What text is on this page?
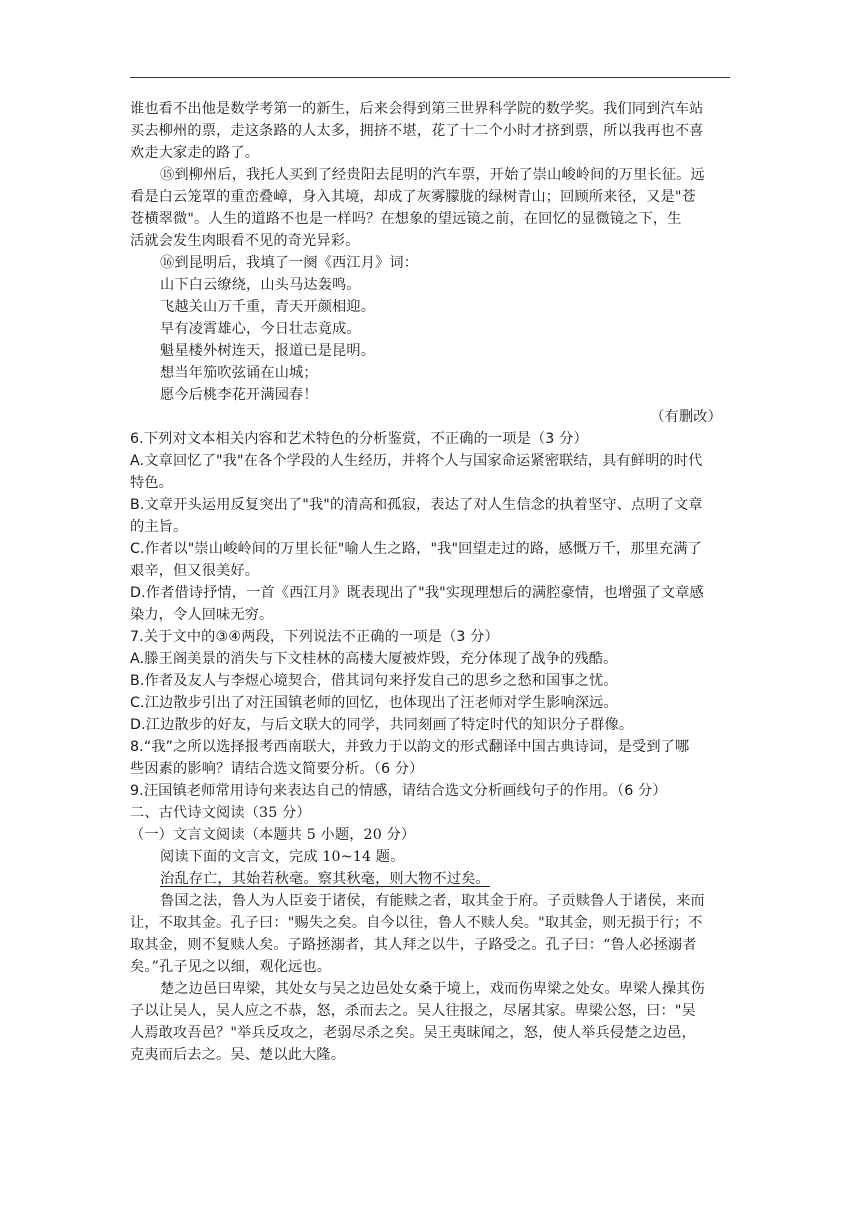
谁也看不出他是数学考第一的新生，后来会得到第三世界科学院的数学奖。我们同到汽车站
买去柳州的票，走这条路的人太多，拥挤不堪，花了十二个小时才挤到票，所以我再也不喜
欢走大家走的路了。
⑮到柳州后，我托人买到了经贵阳去昆明的汽车票，开始了崇山峻岭间的万里长征。远
看是白云笼罩的重峦叠嶂，身入其境，却成了灰雾朦胧的绿树青山；回顾所来径，又是"苍
苍横翠微"。人生的道路不也是一样吗？在想象的望远镜之前，在回忆的显微镜之下，生
活就会发生肉眼看不见的奇光异彩。
⑯到昆明后，我填了一阕《西江月》词：
山下白云缭绕，山头马达轰鸣。
飞越关山万千重，青天开颜相迎。
早有凌霄雄心，今日壮志竟成。
魁星楼外树连天，报道已是昆明。
想当年笳吹弦诵在山城；
愿今后桃李花开满园春！
（有删改）
6.下列对文本相关内容和艺术特色的分析鉴赏，不正确的一项是（3 分）
A.文章回忆了"我"在各个学段的人生经历，并将个人与国家命运紧密联结，具有鲜明的时代
特色。
B.文章开头运用反复突出了"我"的清高和孤寂，表达了对人生信念的执着坚守、点明了文章
的主旨。
C.作者以"崇山峻岭间的万里长征"喻人生之路，"我"回望走过的路，感慨万千，那里充满了
艰辛，但又很美好。
D.作者借诗抒情，一首《西江月》既表现出了"我"实现理想后的满腔豪情，也增强了文章感
染力，令人回味无穷。
7.关于文中的③④两段，下列说法不正确的一项是（3 分）
A.滕王阁美景的消失与下文桂林的高楼大厦被炸毁，充分体现了战争的残酷。
B.作者及友人与李煜心境契合，借其词句来抒发自己的思乡之愁和国事之忧。
C.江边散步引出了对汪国镇老师的回忆，也体现出了汪老师对学生影响深远。
D.江边散步的好友，与后文联大的同学，共同刻画了特定时代的知识分子群像。
8.“我”之所以选择报考西南联大，并致力于以韵文的形式翻译中国古典诗词，是受到了哪
些因素的影响？请结合选文简要分析。（6 分）
9.汪国镇老师常用诗句来表达自己的情感，请结合选文分析画线句子的作用。（6 分）
二、古代诗文阅读（35 分）
（一）文言文阅读（本题共 5 小题，20 分）
阅读下面的文言文，完成 10~14 题。
治乱存亡，其始若秋毫。察其秋毫，则大物不过矣。
鲁国之法，鲁人为人臣妾于诸侯，有能赎之者，取其金于府。子贡赎鲁人于诸侯，来而
让，不取其金。孔子曰："赐失之矣。自今以往，鲁人不赎人矣。"取其金，则无损于行；不
取其金，则不复赎人矣。子路拯溺者，其人拜之以牛，子路受之。孔子曰：“鲁人必拯溺者
矣。”孔子见之以细，观化远也。
楚之边邑曰卑梁，其处女与吴之边邑处女桑于境上，戏而伤卑梁之处女。卑梁人操其伤
子以让吴人，吴人应之不恭，怒，杀而去之。吴人往报之，尽屠其家。卑梁公怒，曰："吴
人焉敢攻吾邑？"举兵反攻之，老弱尽杀之矣。吴王夷昧闻之，怒，使人举兵侵楚之边邑，
克夷而后去之。吴、楚以此大隆。
